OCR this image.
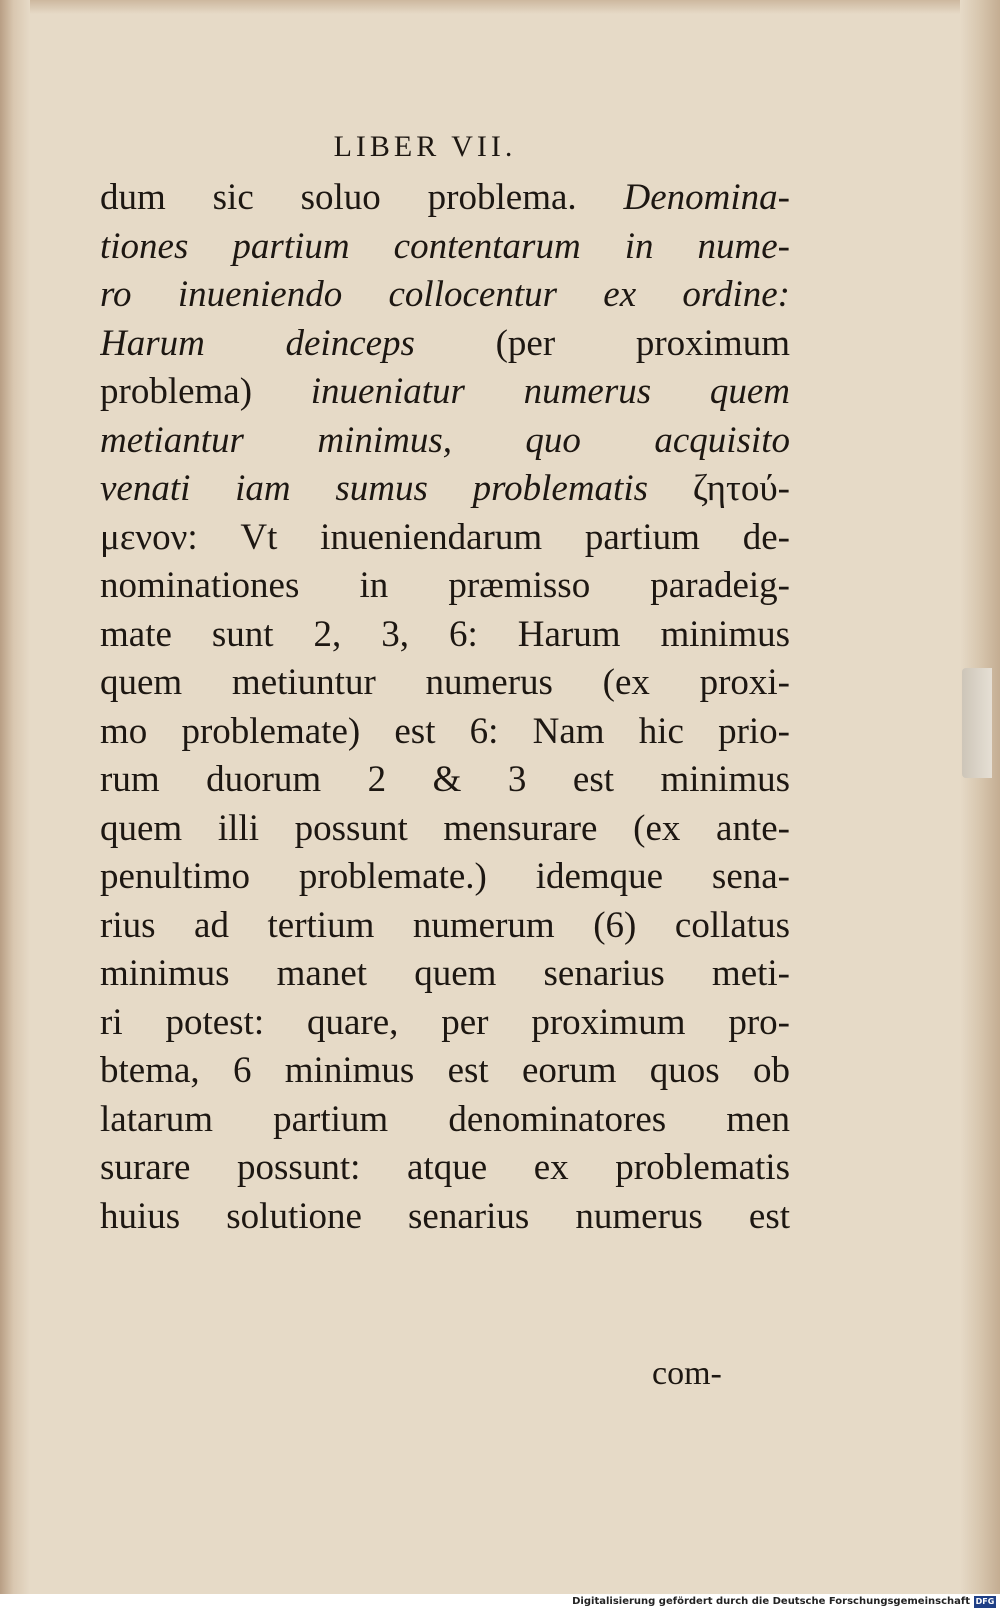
LIBER VII.
dum sic soluo problema. Denomina-
tiones partium contentarum in nume-
ro inueniendo collocentur ex ordine:
Harum deinceps (per proximum
problema) inueniatur numerus quem
metiantur minimus, quo acquisito
venati iam sumus problematis ζητού-
μενον: Vt inueniendarum partium de-
nominationes in præmisso paradeig-
mate sunt 2, 3, 6: Harum minimus
quem metiuntur numerus (ex proxi-
mo problemate) est 6: Nam hic prio-
rum duorum 2 & 3 est minimus
quem illi possunt mensurare (ex ante-
penultimo problemate.) idemque sena-
rius ad tertium numerum (6) collatus
minimus manet quem senarius meti-
ri potest: quare, per proximum pro-
btema, 6 minimus est eorum quos ob
latarum partium denominatores men
surare possunt: atque ex problematis
huius solutione senarius numerus est
com-
Digitalisierung gefördert durch die Deutsche Forschungsgemeinschaft DFG
